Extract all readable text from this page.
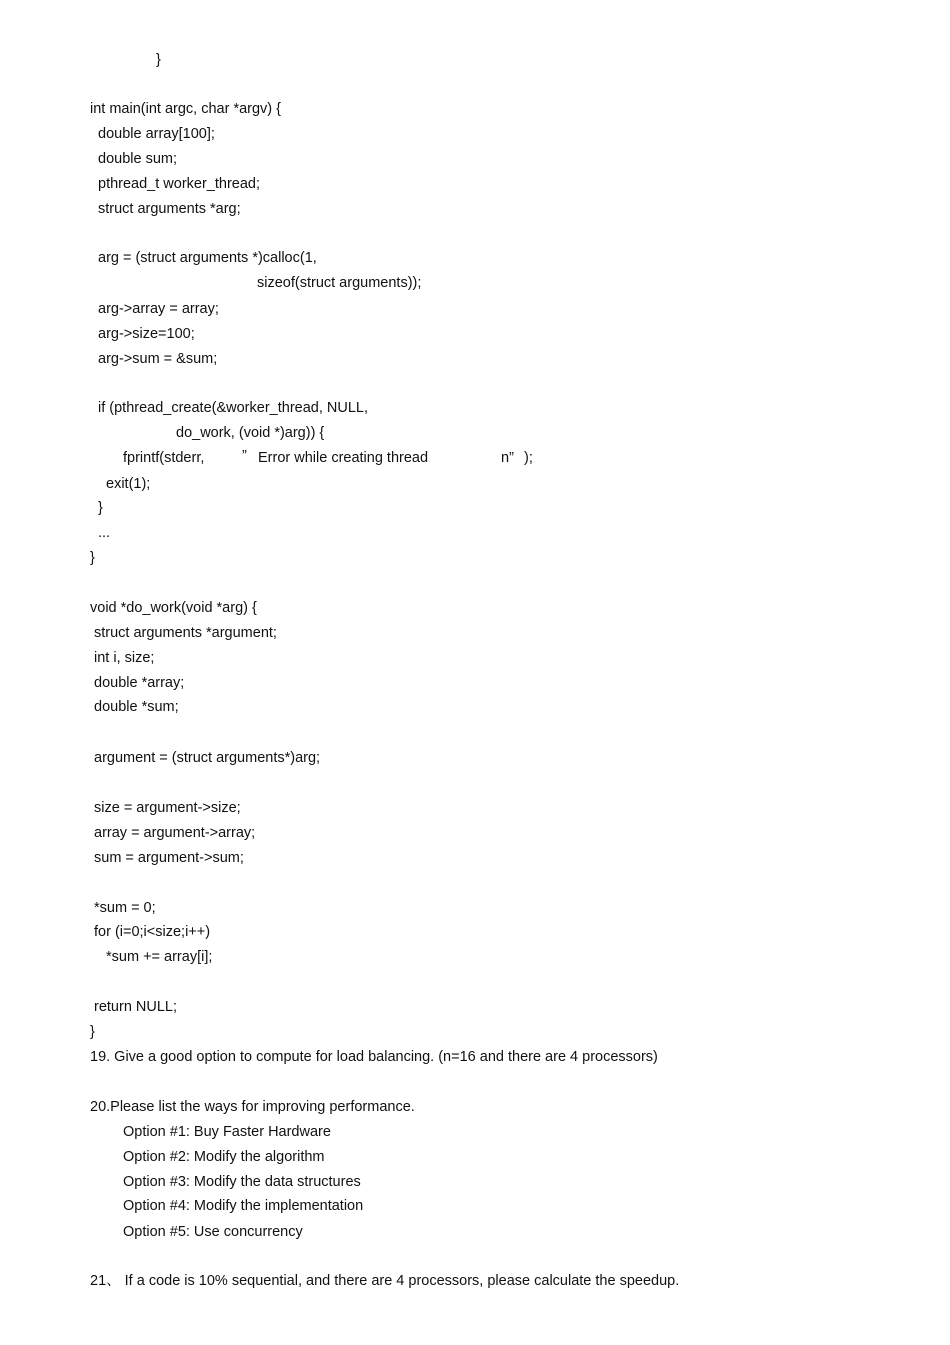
}
int main(int argc, char *argv) {
double array[100];
double sum;
pthread_t worker_thread;
struct arguments *arg;
arg = (struct arguments *)calloc(1,
sizeof(struct arguments));
arg->array = array;
arg->size=100;
arg->sum = &sum;
if (pthread_create(&worker_thread, NULL,
do_work, (void *)arg)) {
fprintf(stderr,	” Error while creating thread	n” );
exit(1);
}
...
}
void *do_work(void *arg) {
struct arguments *argument;
int i, size;
double *array;
double *sum;
argument = (struct arguments*)arg;
size = argument->size;
array = argument->array;
sum = argument->sum;
*sum = 0;
for (i=0;i<size;i++)
*sum += array[i];
return NULL;
}
19. Give a good option to compute for load balancing. (n=16 and there are 4 processors)
20.Please list the ways for improving performance.
Option #1: Buy Faster Hardware
Option #2: Modify the algorithm
Option #3: Modify the data structures
Option #4: Modify the implementation
Option #5: Use concurrency
21、 If a code is 10% sequential, and there are 4 processors, please calculate the speedup.
